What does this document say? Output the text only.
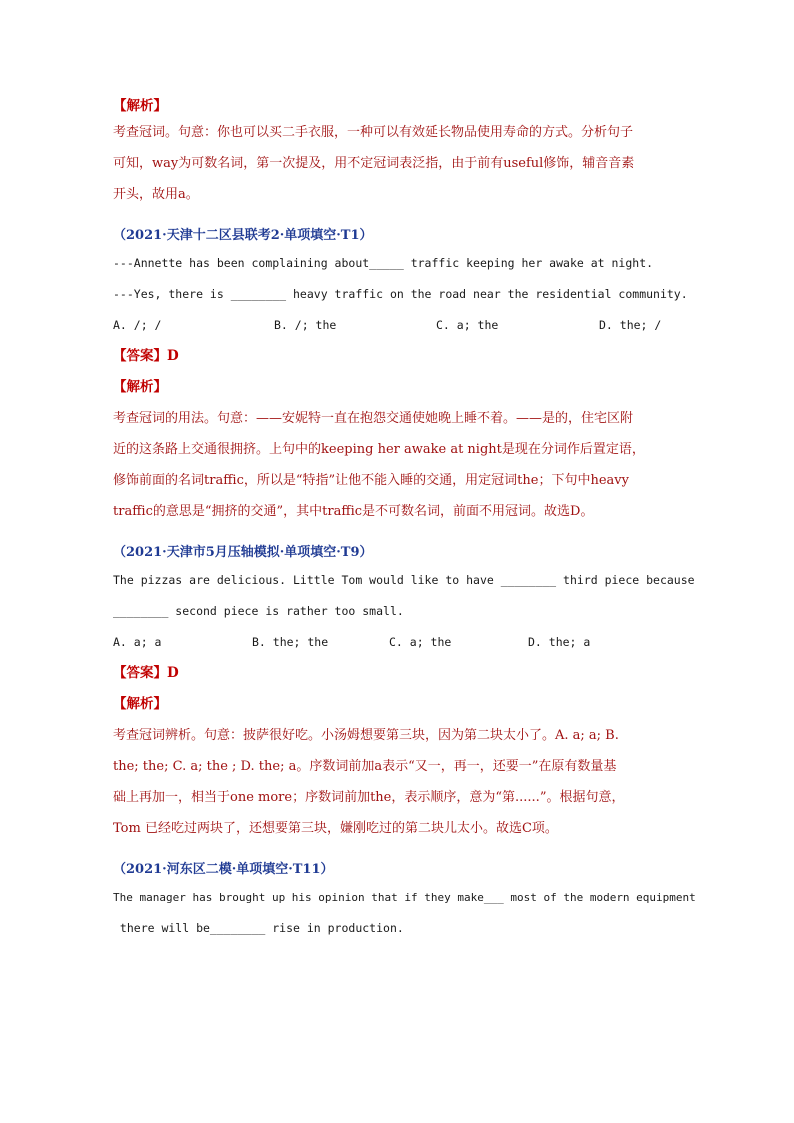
【解析】
考查冠词。句意：你也可以买二手衣服，一种可以有效延长物品使用寿命的方式。分析句子
可知，way为可数名词，第一次提及，用不定冠词表泛指，由于前有useful修饰，辅音音素
开头，故用a。
（2021·天津十二区县联考2·单项填空·T1）
---Annette has been complaining about_____ traffic keeping her awake at night.
---Yes, there is ________ heavy traffic on the road near the residential community.
A. /; /	B. /; the	C. a; the	D. the; /
【答案】D
【解析】
考查冠词的用法。句意：——安妮特一直在抱怨交通使她晚上睡不着。——是的，住宅区附
近的这条路上交通很拥挤。上句中的keeping her awake at night是现在分词作后置定语，
修饰前面的名词traffic，所以是“特指”让他不能入睡的交通，用定冠词the；下句中heavy
traffic的意思是“拥挤的交通”，其中traffic是不可数名词，前面不用冠词。故选D。
（2021·天津市5月压轴模拟·单项填空·T9）
The pizzas are delicious. Little Tom would like to have ________ third piece because
________ second piece is rather too small.
A. a; a	B. the; the	C. a; the	D. the; a
【答案】D
【解析】
考查冠词辨析。句意：披萨很好吃。小汤姆想要第三块，因为第二块太小了。A. a; a; B.
the; the; C. a; the ; D. the; a。序数词前加a表示“又一，再一，还要一”在原有数量基
础上再加一，相当于one more；序数词前加the，表示顺序，意为“第......”。根据句意，
Tom 已经吃过两块了，还想要第三块，嫌刚吃过的第二块儿太小。故选C项。
（2021·河东区二模·单项填空·T11）
The manager has brought up his opinion that if they make___ most of the modern equipment
there will be________ rise in production.
